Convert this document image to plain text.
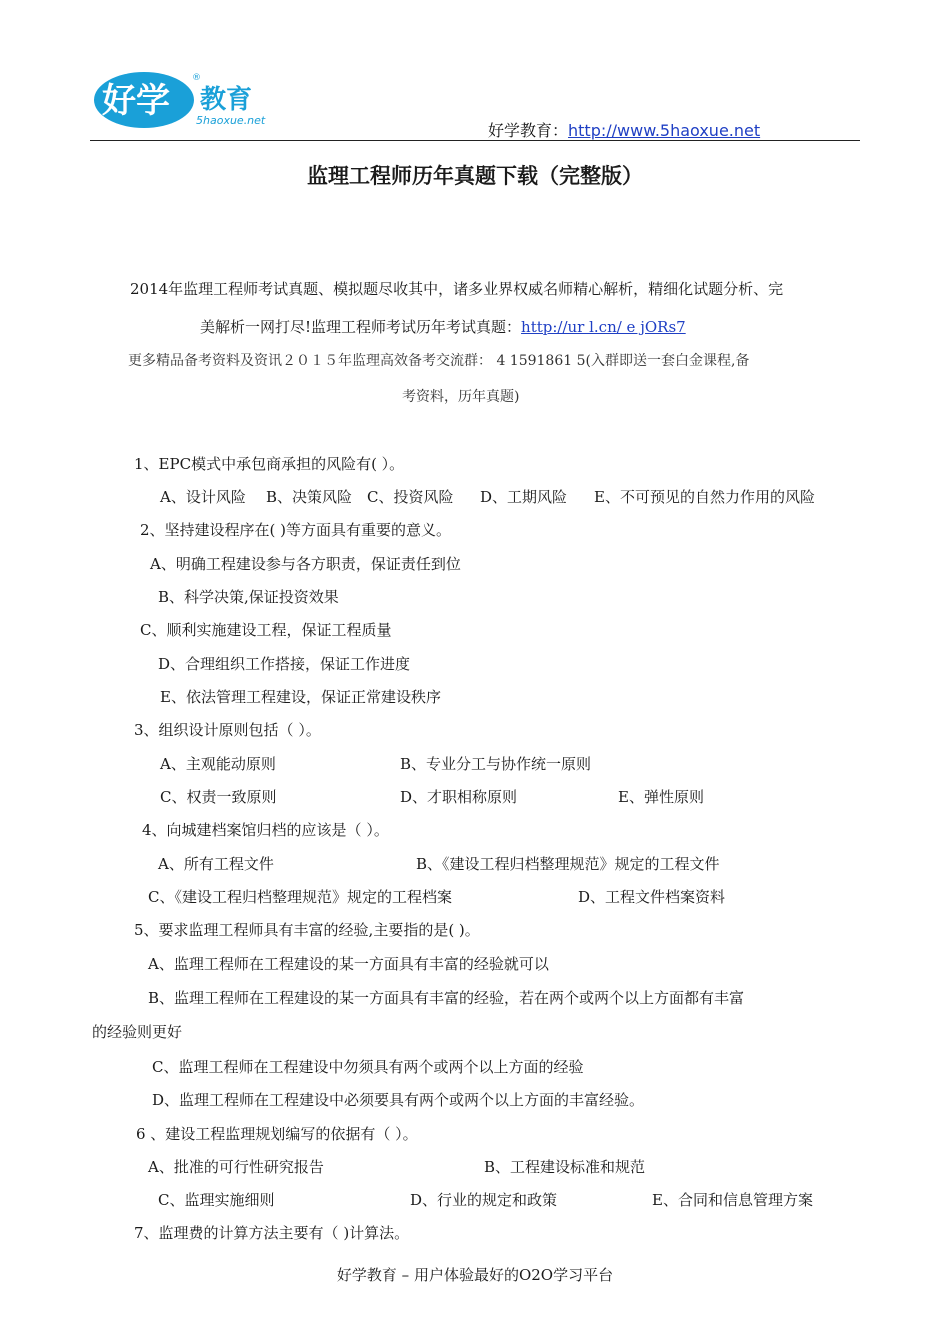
好学 教育
®
5haoxue.net
好学教育：http://www.5haoxue.net
监理工程师历年真题下载（完整版）
2014年监理工程师考试真题、模拟题尽收其中，诸多业界权威名师精心解析，精细化试题分析、完
美解析一网打尽!监理工程师考试历年考试真题：http://ur l.cn/ e jORs7
更多精品备考资料及资讯２０１５年监理高效备考交流群： 4 1591861 5(入群即送一套白金课程,备
考资料，历年真题)
1、EPC模式中承包商承担的风险有( ）。
A、设计风险 B、决策风险 C、投资风险 D、工期风险 E、不可预见的自然力作用的风险
2、坚持建设程序在( )等方面具有重要的意义。
A、明确工程建设参与各方职责，保证责任到位
B、科学决策,保证投资效果
C、顺利实施建设工程，保证工程质量
D、合理组织工作搭接，保证工作进度
E、依法管理工程建设，保证正常建设秩序
3、组织设计原则包括（ ）。
A、主观能动原则	B、专业分工与协作统一原则
C、权责一致原则	D、才职相称原则	E、弹性原则
4、向城建档案馆归档的应该是（ ）。
A、所有工程文件	B、《建设工程归档整理规范》规定的工程文件
C、《建设工程归档整理规范》规定的工程档案	D、工程文件档案资料
5、要求监理工程师具有丰富的经验,主要指的是( )。
A、监理工程师在工程建设的某一方面具有丰富的经验就可以
B、监理工程师在工程建设的某一方面具有丰富的经验，若在两个或两个以上方面都有丰富
的经验则更好
C、监理工程师在工程建设中勿须具有两个或两个以上方面的经验
D、监理工程师在工程建设中必须要具有两个或两个以上方面的丰富经验。
6 、建设工程监理规划编写的依据有（ ）。
A、批准的可行性研究报告	B、工程建设标准和规范
C、监理实施细则	D、行业的规定和政策	E、合同和信息管理方案
7、监理费的计算方法主要有（ )计算法。
好学教育 – 用户体验最好的O2O学习平台
